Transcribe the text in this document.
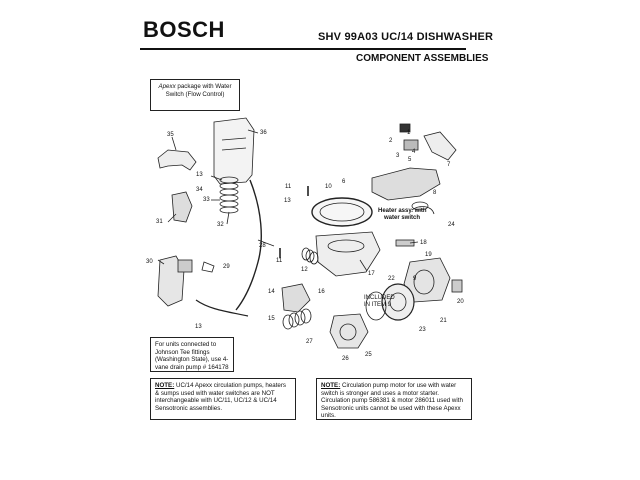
BOSCH	SHV 99A03 UC/14 DISHWASHER
COMPONENT ASSEMBLIES
Apexx package with Water Switch (Flow Control)
For units connected to Johnson Tee fittings (Washington State), use 4-vane drain pump # 164178
NOTE: UC/14 Apexx circulation pumps, heaters & sumps used with water switches are NOT interchangeable with UC/11, UC/12 & UC/14 Sensotronic assemblies.
NOTE: Circulation pump motor for use with water switch is stronger and uses a motor starter. Circulation pump 586381 & motor 286011 used with Sensotronic units cannot be used with these Apexx units.
1
2
3
4
5
6
7
8
9
10
11
11
12
13
13
13
14
15
16
17
18
19
20
21
22
23
24
25
26
27
28
29
30
31	32
33
34
35	36
Heater assy. with
water switch
INCLUDED
IN ITEM 9
